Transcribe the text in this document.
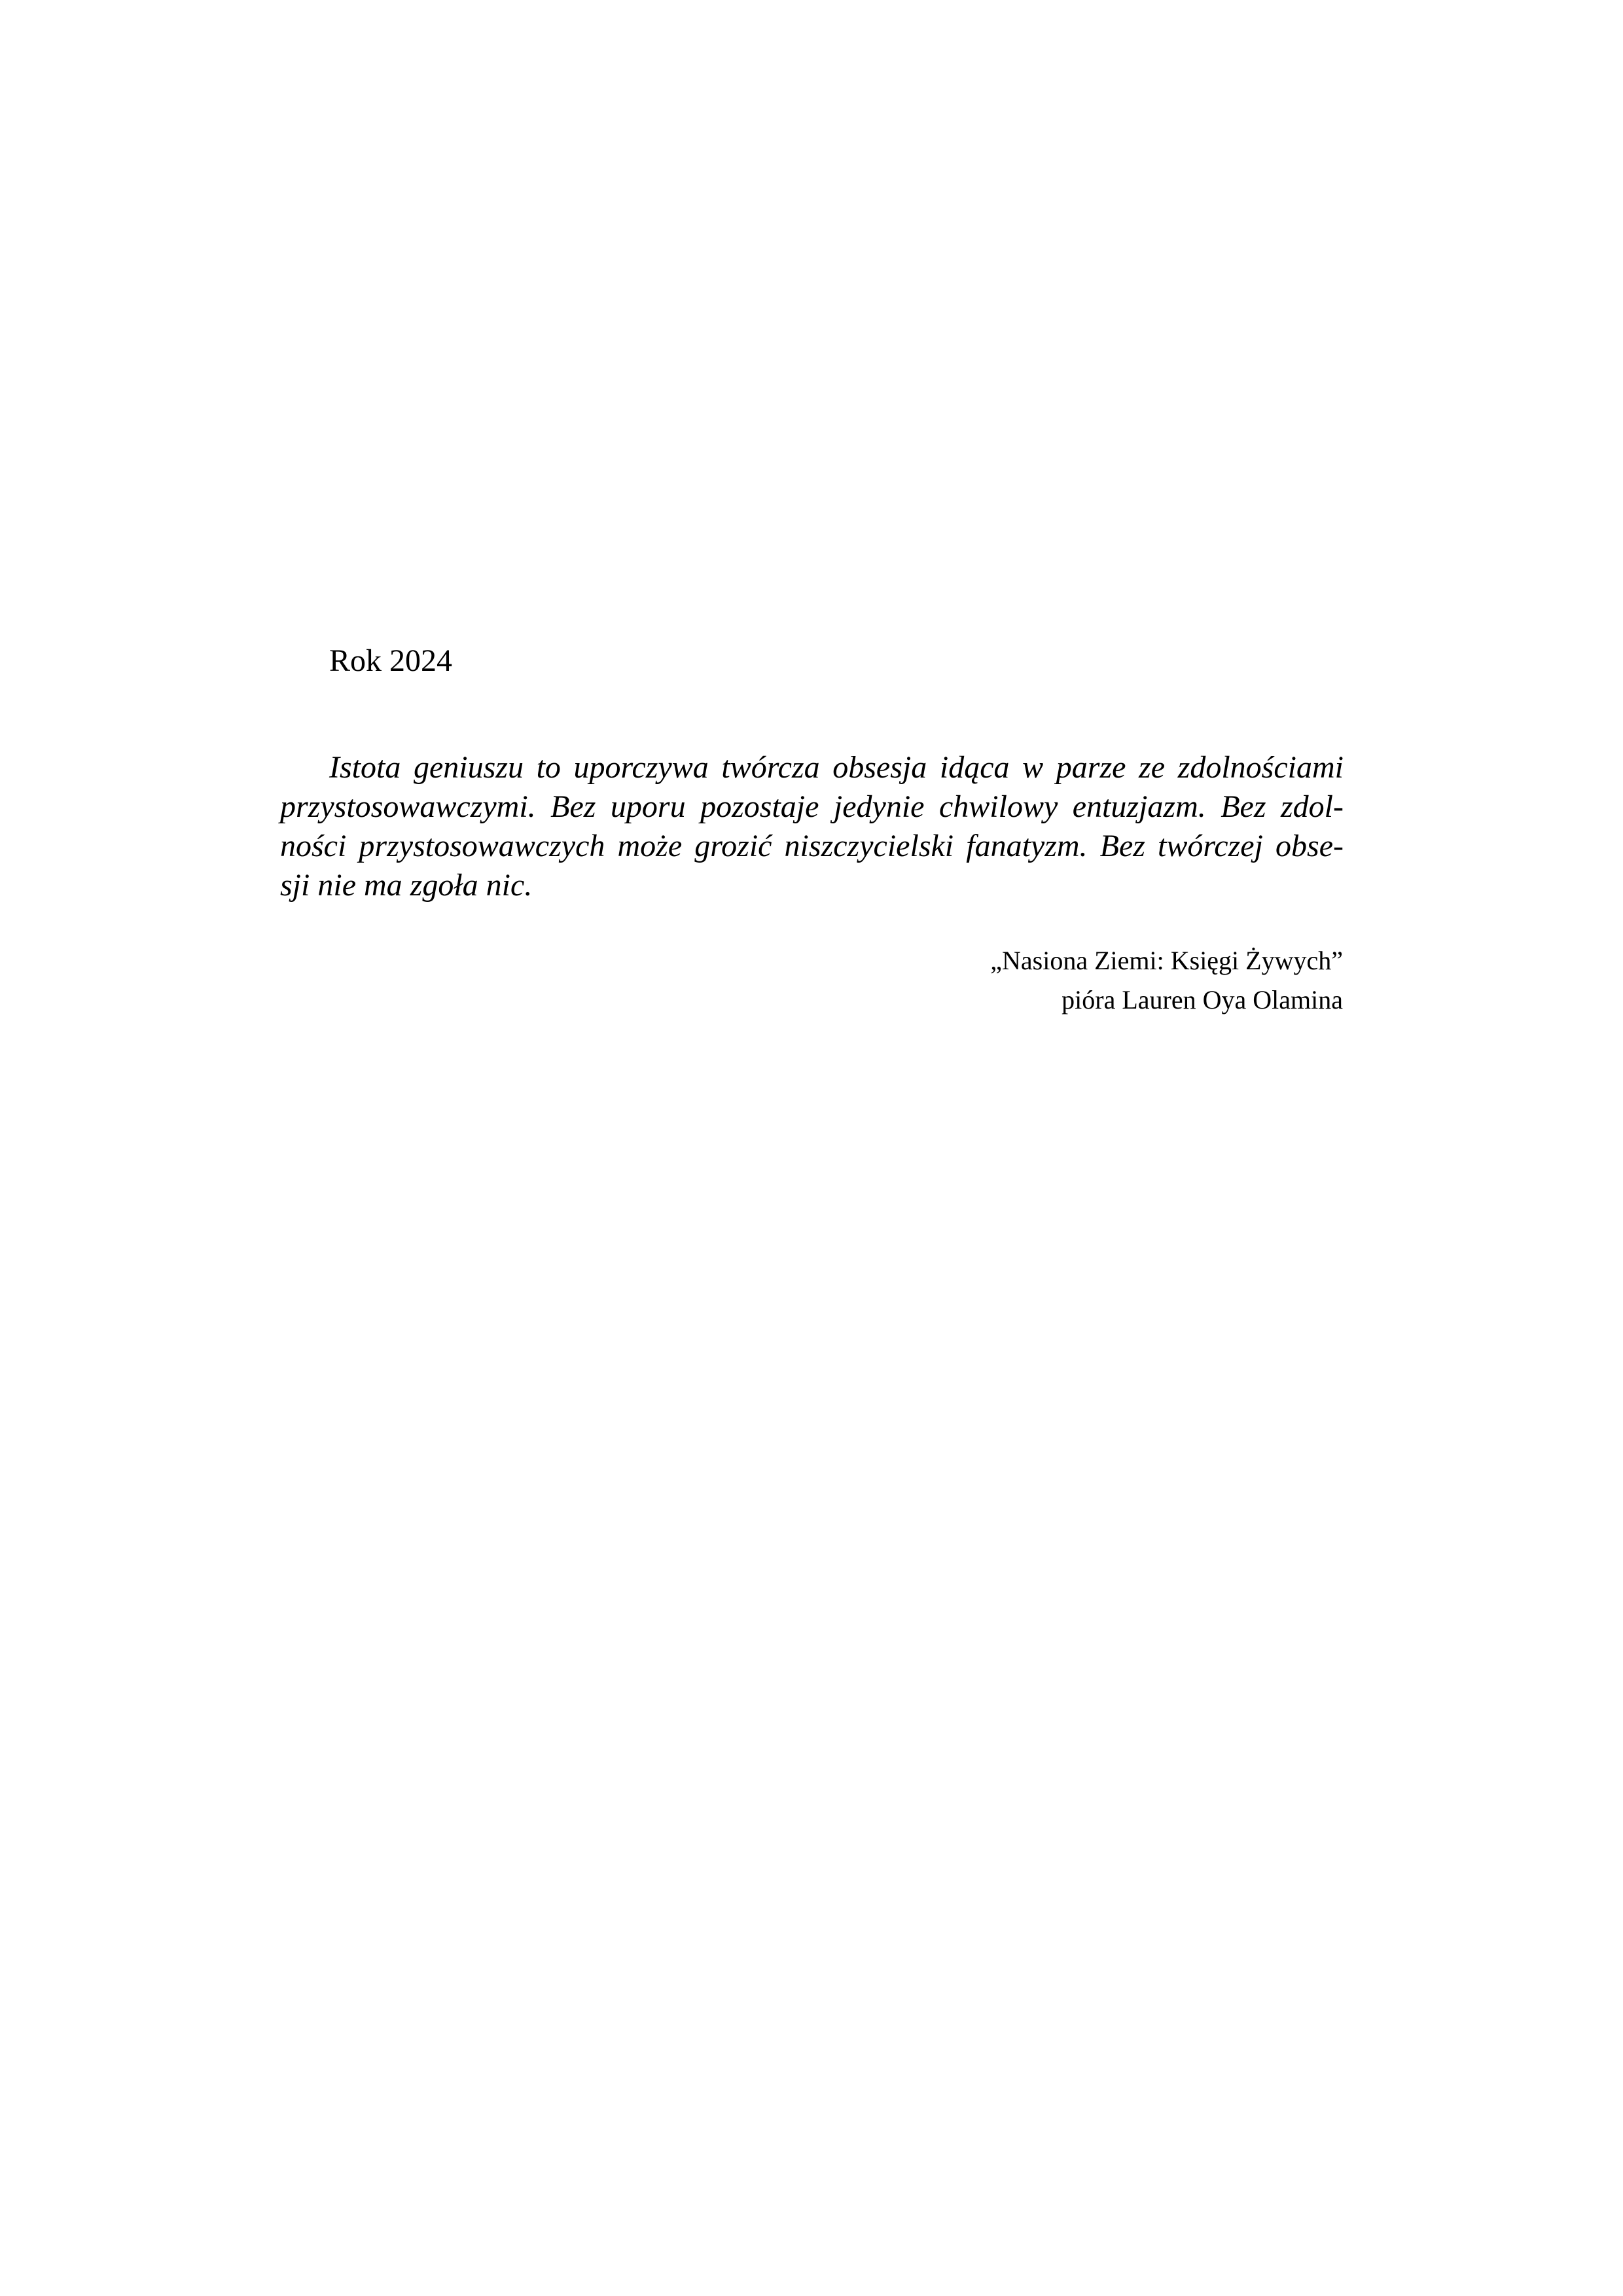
Rok 2024
Istota geniuszu to uporczywa twórcza obsesja idąca w parze ze zdolnościami
przystosowawczymi. Bez uporu pozostaje jedynie chwilowy entuzjazm. Bez zdol-
ności przystosowawczych może grozić niszczycielski fanatyzm. Bez twórczej obse-
sji nie ma zgoła nic.
„Nasiona Ziemi: Księgi Żywych”
pióra Lauren Oya Olamina
